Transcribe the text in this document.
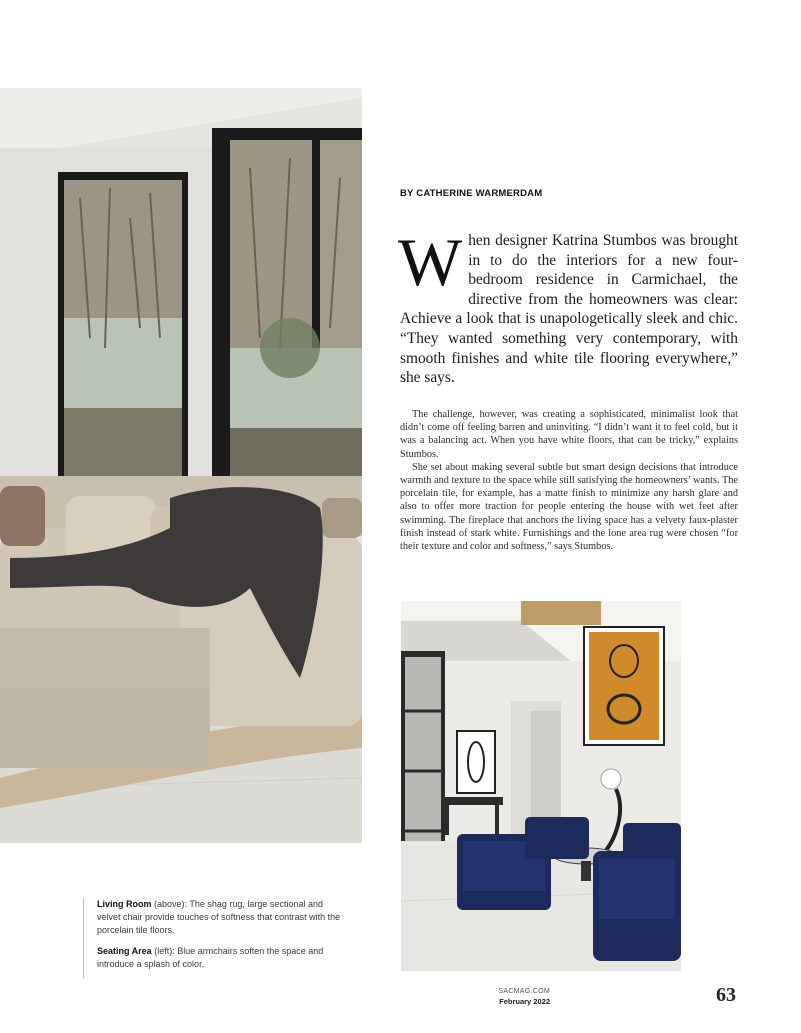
BY CATHERINE WARMERDAM
When designer Katrina Stumbos was brought in to do the interiors for a new four-bedroom residence in Carmichael, the directive from the homeowners was clear: Achieve a look that is unapologetically sleek and chic. “They wanted something very contemporary, with smooth finishes and white tile flooring everywhere,” she says.

The challenge, however, was creating a sophisticated, minimalist look that didn’t come off feeling barren and uninviting. “I didn’t want it to feel cold, but it was a balancing act. When you have white floors, that can be tricky,” explains Stumbos.

She set about making several subtle but smart design decisions that introduce warmth and texture to the space while still satisfying the homeowners’ wants. The porcelain tile, for example, has a matte finish to minimize any harsh glare and also to offer more traction for people entering the house with wet feet after swimming. The fireplace that anchors the living space has a velvety faux-plaster finish instead of stark white. Furnishings and the lone area rug were chosen “for their texture and color and softness,” says Stumbos.

Living Room (above): The shag rug, large sectional and velvet chair provide touches of softness that contrast with the porcelain tile floors.

Seating Area (left): Blue armchairs soften the space and introduce a splash of color.

SACMAG.COM
February 2022	63
